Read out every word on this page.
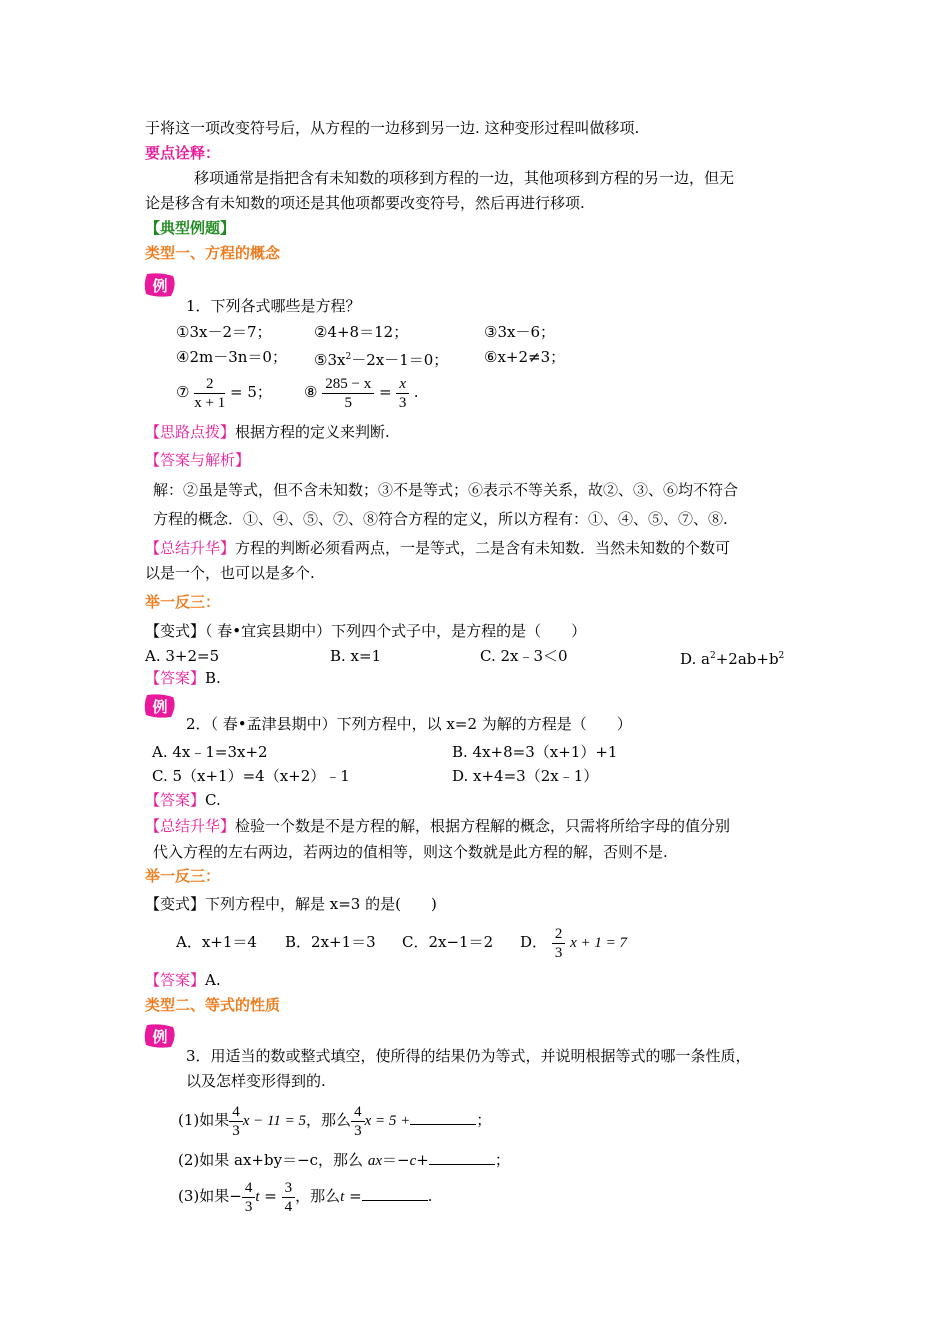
于将这一项改变符号后，从方程的一边移到另一边. 这种变形过程叫做移项.
要点诠释：
移项通常是指把含有未知数的项移到方程的一边，其他项移到方程的另一边，但无
论是移含有未知数的项还是其他项都要改变符号，然后再进行移项.
【典型例题】
类型一、方程的概念
例
1．下列各式哪些是方程？
①3x－2＝7；	②4+8＝12；	③3x－6；
④2m－3n＝0； $⑤3x^2-2x-1=0$； ⑥x+2≠3；
⑦ $\frac{2}{x + 1} = 5$； ⑧ $\frac{285 - x}{5} = \frac{x}{3}$ .
【思路点拨】根据方程的定义来判断.
【答案与解析】
解：②虽是等式，但不含未知数；③不是等式；⑥表示不等关系，故②、③、⑥均不符合
方程的概念．①、④、⑤、⑦、⑧符合方程的定义，所以方程有：①、④、⑤、⑦、⑧.
【总结升华】方程的判断必须看两点，一是等式，二是含有未知数．当然未知数的个数可
以是一个，也可以是多个.
举一反三：
【变式】（ 春•宜宾县期中）下列四个式子中，是方程的是（　　）
A. 3+2=5	B. x=1	C. 2x﹣3＜0	D. $a^2+2ab+b^2$
【答案】B.
例
2．（ 春•孟津县期中）下列方程中，以 x=2 为解的方程是（　　）
A. 4x﹣1=3x+2	B. 4x+8=3（x+1）+1
C. 5（x+1）=4（x+2）﹣1	D. x+4=3（2x﹣1）
【答案】C.
【总结升华】检验一个数是不是方程的解，根据方程解的概念，只需将所给字母的值分别
代入方程的左右两边，若两边的值相等，则这个数就是此方程的解，否则不是.
举一反三：
【变式】下列方程中，解是 x=3 的是(　　)
A．x+1＝4 B．2x+1＝3 C．2x−1＝2 D． $\frac{2}{3}$ x + 1 = 7
【答案】A.
类型二、等式的性质
例
3．用适当的数或整式填空，使所得的结果仍为等式，并说明根据等式的哪一条性质，
以及怎样变形得到的.
(1)如果 $\frac{4}{3}$ x − 11 = 5，那么 $\frac{4}{3}$ x = 5 +	；
(2)如果 ax+by＝−c，那么 ax＝−c+	；
(3)如果− $\frac{4}{3}$ $t = \frac{3}{4}$ ，那么t =	.
